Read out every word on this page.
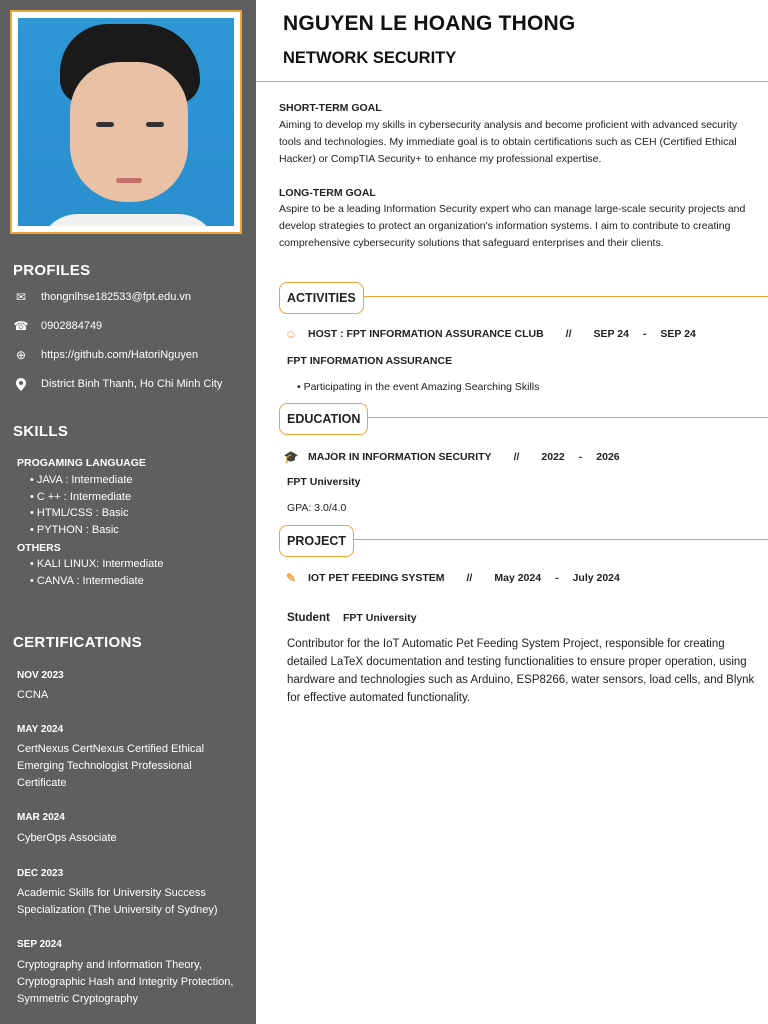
PROFILES
✉ thongnlhse182533@fpt.edu.vn
☎ 0902884749
⊕ https://github.com/HatoriNguyen
District Binh Thanh, Ho Chi Minh City
SKILLS
PROGAMING LANGUAGE
• JAVA : Intermediate
• C ++ : Intermediate
• HTML/CSS : Basic
• PYTHON : Basic
OTHERS
• KALI LINUX: Intermediate
• CANVA : Intermediate
CERTIFICATIONS
NOV 2023
CCNA
MAY 2024
CertNexus CertNexus Certified Ethical Emerging Technologist Professional Certificate
MAR 2024
CyberOps Associate
DEC 2023
Academic Skills for University Success Specialization (The University of Sydney)
SEP 2024
Cryptography and Information Theory, Cryptographic Hash and Integrity Protection, Symmetric Cryptography
NGUYEN LE HOANG THONG
NETWORK SECURITY
SHORT-TERM GOAL
Aiming to develop my skills in cybersecurity analysis and become proficient with advanced security tools and technologies. My immediate goal is to obtain certifications such as CEH (Certified Ethical Hacker) or CompTIA Security+ to enhance my professional expertise.
LONG-TERM GOAL
Aspire to be a leading Information Security expert who can manage large-scale security projects and develop strategies to protect an organization's information systems. I aim to contribute to creating comprehensive cybersecurity solutions that safeguard enterprises and their clients.
ACTIVITIES
☺ HOST : FPT INFORMATION ASSURANCE CLUB // SEP 24 - SEP 24
FPT INFORMATION ASSURANCE
• Participating in the event Amazing Searching Skills
EDUCATION
🎓 MAJOR IN INFORMATION SECURITY // 2022 - 2026
FPT University
GPA: 3.0/4.0
PROJECT
✎ IOT PET FEEDING SYSTEM // May 2024 - July 2024
Student FPT University
Contributor for the IoT Automatic Pet Feeding System Project, responsible for creating detailed LaTeX documentation and testing functionalities to ensure proper operation, using hardware and technologies such as Arduino, ESP8266, water sensors, load cells, and Blynk for effective automated functionality.
